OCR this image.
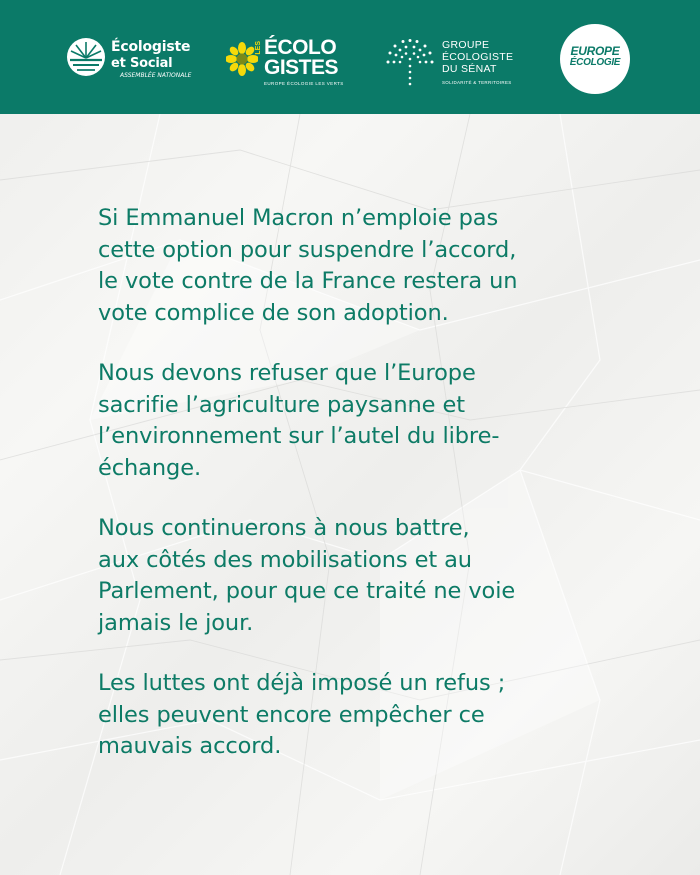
Écologiste
et Social
ASSEMBLÉE NATIONALE
LES ÉCOLO
GISTES
EUROPE ÉCOLOGIE LES VERTS
GROUPE
ÉCOLOGISTE
DU SÉNAT
SOLIDARITÉ & TERRITOIRES
EUROPE
ÉCOLOGIE

Si Emmanuel Macron n’emploie pas
cette option pour suspendre l’accord,
le vote contre de la France restera un
vote complice de son adoption.

Nous devons refuser que l’Europe
sacrifie l’agriculture paysanne et
l’environnement sur l’autel du libre-
échange.

Nous continuerons à nous battre,
aux côtés des mobilisations et au
Parlement, pour que ce traité ne voie
jamais le jour.

Les luttes ont déjà imposé un refus ;
elles peuvent encore empêcher ce
mauvais accord.
